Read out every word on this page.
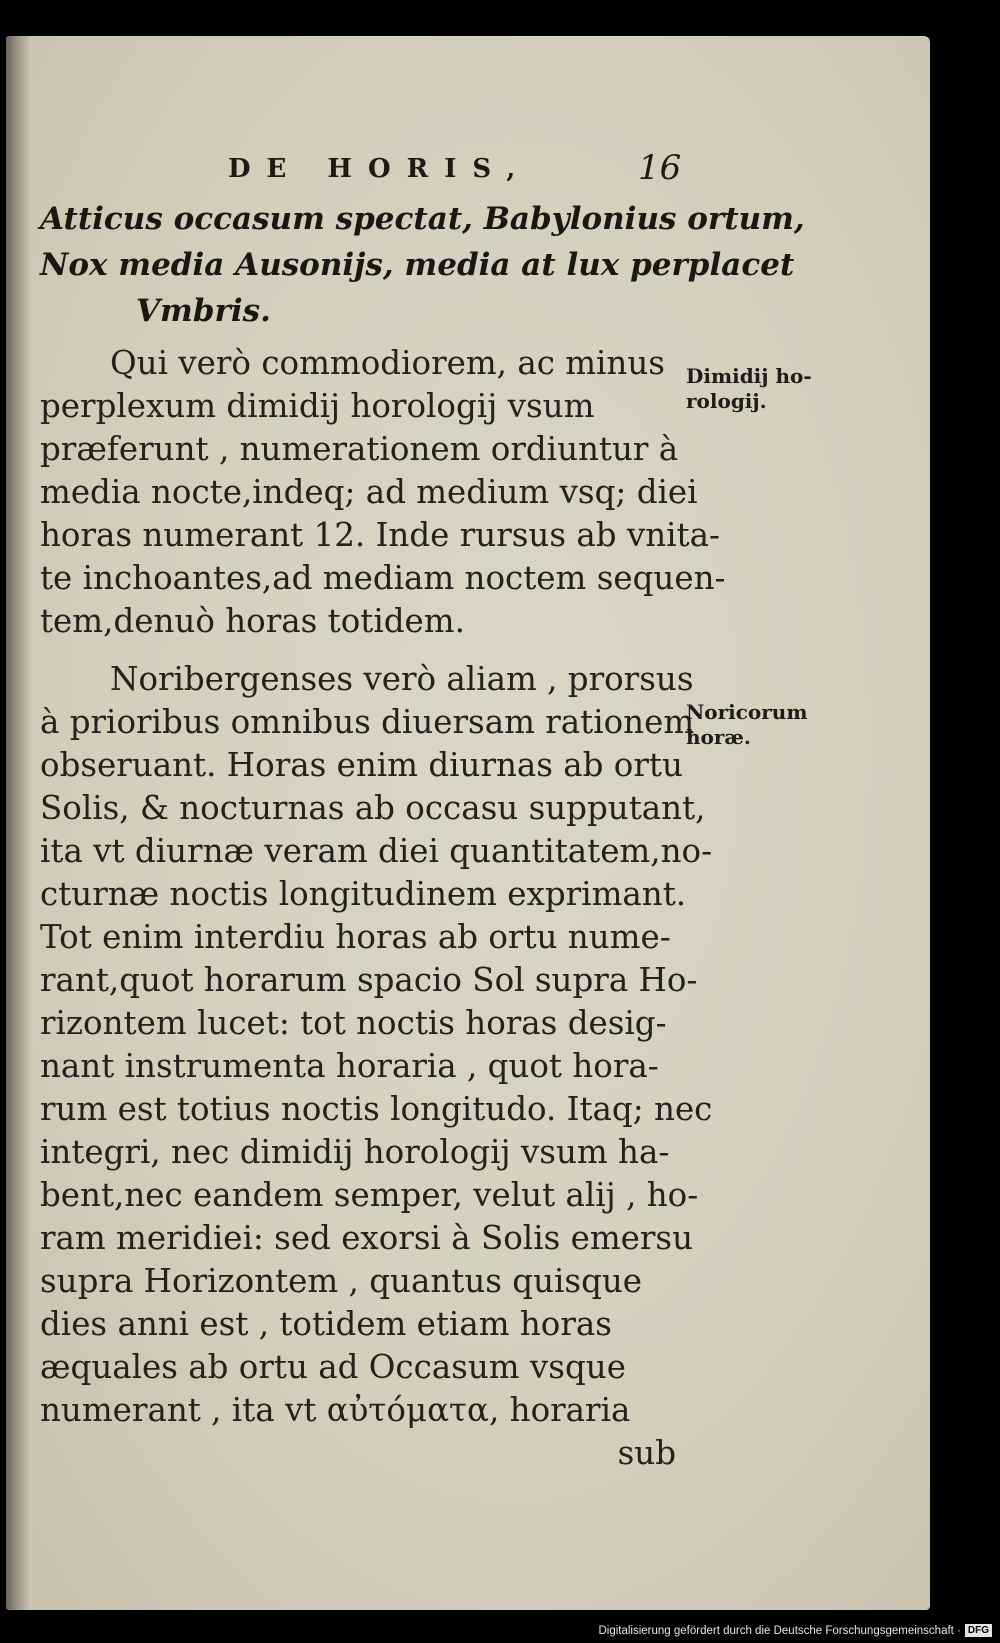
DE HORIS,	16
Atticus occasum spectat, Babylonius ortum,
Nox media Ausonijs, media at lux perplacet
Vmbris.
Qui verò commodiorem, ac minus
perplexum dimidij horologij vsum
præferunt , numerationem ordiuntur à
media nocte,indeq; ad medium vsq; diei
horas numerant 12. Inde rursus ab vnita-
te inchoantes,ad mediam noctem sequen-
tem,denuò horas totidem.
Dimidij ho-
rologij.
Noribergenses verò aliam , prorsus
à prioribus omnibus diuersam rationem
obseruant. Horas enim diurnas ab ortu
Solis, & nocturnas ab occasu supputant,
ita vt diurnæ veram diei quantitatem,no-
cturnæ noctis longitudinem exprimant.
Tot enim interdiu horas ab ortu nume-
rant,quot horarum spacio Sol supra Ho-
rizontem lucet: tot noctis horas desig-
nant instrumenta horaria , quot hora-
rum est totius noctis longitudo. Itaq; nec
integri, nec dimidij horologij vsum ha-
bent,nec eandem semper, velut alij , ho-
ram meridiei: sed exorsi à Solis emersu
supra Horizontem , quantus quisque
dies anni est , totidem etiam horas
æquales ab ortu ad Occasum vsque
numerant , ita vt αὐτόματα, horaria
sub
Noricorum
horæ.
Digitalisierung gefördert durch die Deutsche Forschungsgemeinschaft · DFG
